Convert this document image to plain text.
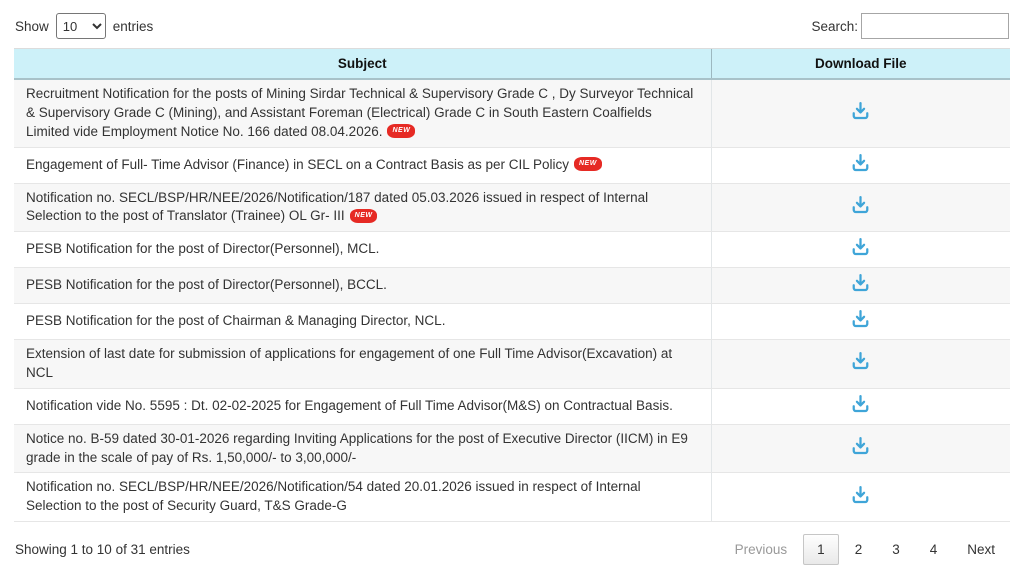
Show
10	entries	Search:
Subject	Download File
Recruitment Notification for the posts of Mining Sirdar Technical & Supervisory Grade C , Dy Surveyor Technical & Supervisory Grade C (Mining), and Assistant Foreman (Electrical) Grade C in South Eastern Coalfields Limited vide Employment Notice No. 166 dated 08.04.2026. NEW	
Engagement of Full- Time Advisor (Finance) in SECL on a Contract Basis as per CIL Policy NEW	
Notification no. SECL/BSP/HR/NEE/2026/Notification/187 dated 05.03.2026 issued in respect of Internal Selection to the post of Translator (Trainee) OL Gr- III NEW	
PESB Notification for the post of Director(Personnel), MCL.	
PESB Notification for the post of Director(Personnel), BCCL.	
PESB Notification for the post of Chairman & Managing Director, NCL.	
Extension of last date for submission of applications for engagement of one Full Time Advisor(Excavation) at NCL	
Notification vide No. 5595 : Dt. 02-02-2025 for Engagement of Full Time Advisor(M&S) on Contractual Basis.	
Notice no. B-59 dated 30-01-2026 regarding Inviting Applications for the post of Executive Director (IICM) in E9 grade in the scale of pay of Rs. 1,50,000/- to 3,00,000/-	
Notification no. SECL/BSP/HR/NEE/2026/Notification/54 dated 20.01.2026 issued in respect of Internal Selection to the post of Security Guard, T&S Grade-G	
Showing 1 to 10 of 31 entries	Previous	1	2	3	4	Next
